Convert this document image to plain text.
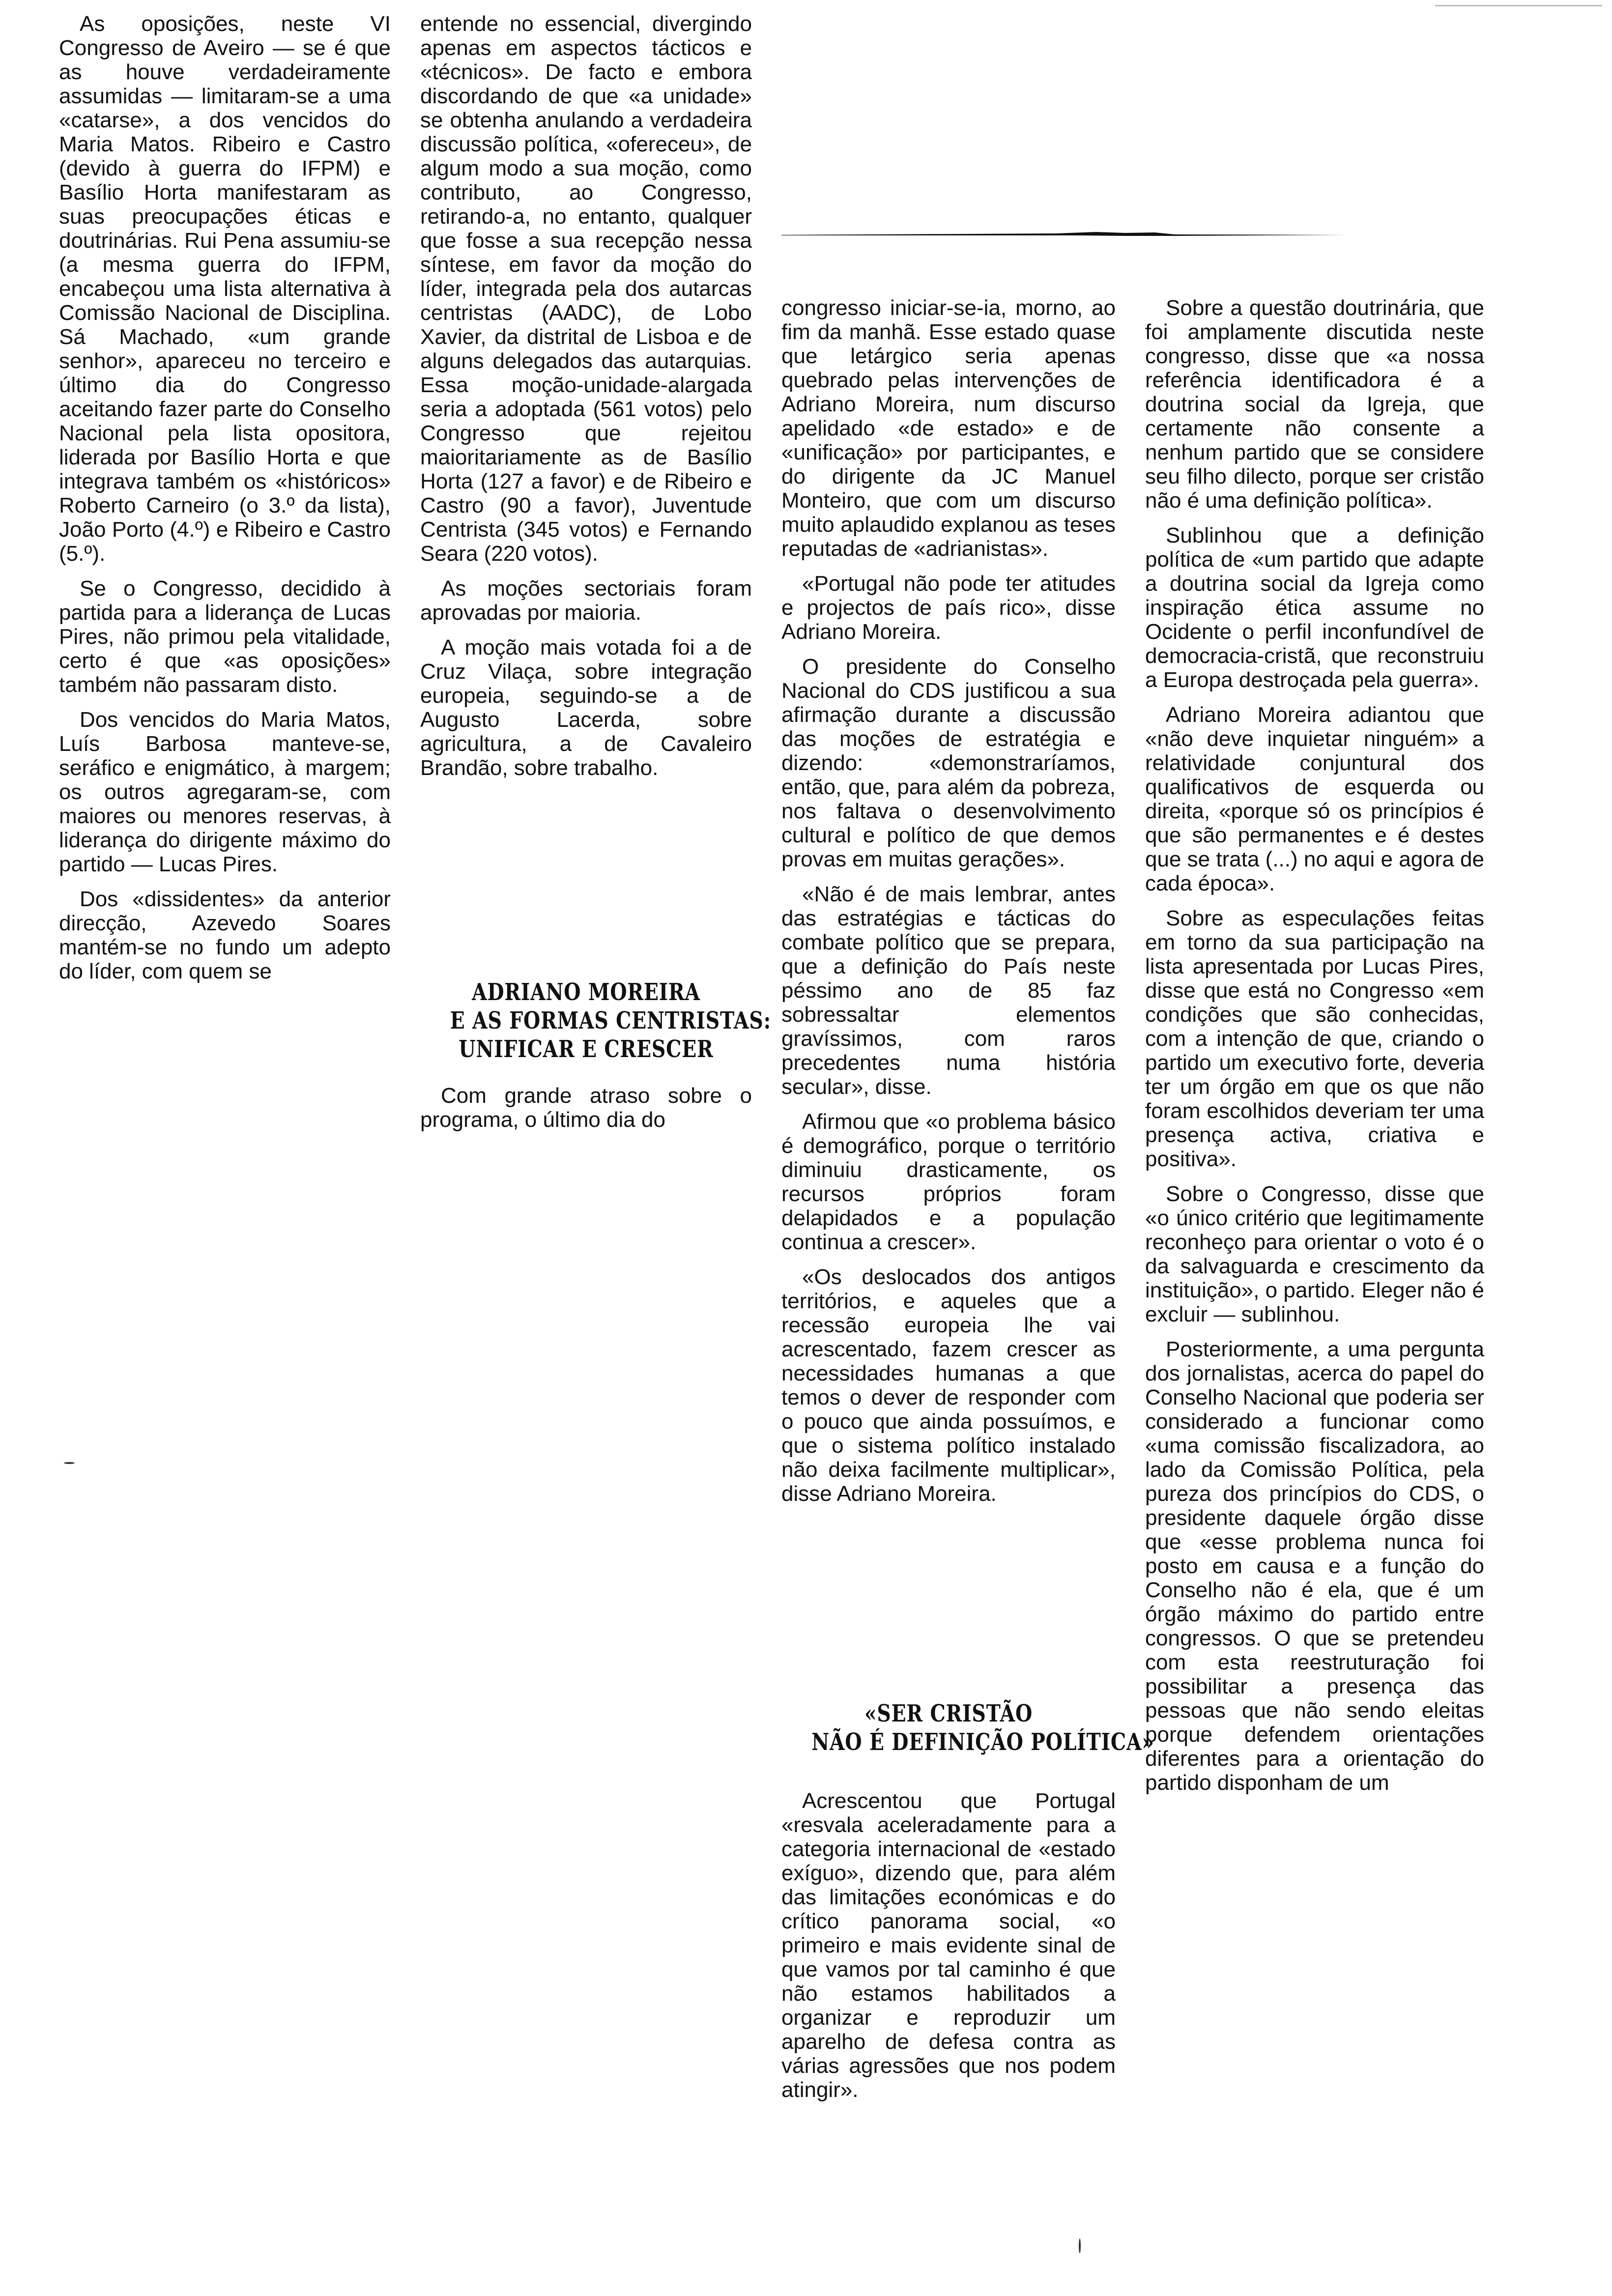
As oposições, neste VI Congresso de Aveiro — se é que as houve verdadeiramente assumidas — limitaram-se a uma «catarse», a dos vencidos do Maria Matos. Ribeiro e Castro (devido à guerra do IFPM) e Basílio Horta manifestaram as suas preocupações éticas e doutrinárias. Rui Pena assumiu-se (a mesma guerra do IFPM, encabeçou uma lista alternativa à Comissão Nacional de Disciplina. Sá Machado, «um grande senhor», apareceu no terceiro e último dia do Congresso aceitando fazer parte do Conselho Nacional pela lista opositora, liderada por Basílio Horta e que integrava também os «históricos» Roberto Carneiro (o 3.º da lista), João Porto (4.º) e Ribeiro e Castro (5.º).

Se o Congresso, decidido à partida para a liderança de Lucas Pires, não primou pela vitalidade, certo é que «as oposições» também não passaram disto.

Dos vencidos do Maria Matos, Luís Barbosa manteve-se, seráfico e enigmático, à margem; os outros agregaram-se, com maiores ou menores reservas, à liderança do dirigente máximo do partido — Lucas Pires.

Dos «dissidentes» da anterior direcção, Azevedo Soares mantém-se no fundo um adepto do líder, com quem se

entende no essencial, divergindo apenas em aspectos tácticos e «técnicos». De facto e embora discordando de que «a unidade» se obtenha anulando a verdadeira discussão política, «ofereceu», de algum modo a sua moção, como contributo, ao Congresso, retirando-a, no entanto, qualquer que fosse a sua recepção nessa síntese, em favor da moção do líder, integrada pela dos autarcas centristas (AADC), de Lobo Xavier, da distrital de Lisboa e de alguns delegados das autarquias. Essa moção-unidade-alargada seria a adoptada (561 votos) pelo Congresso que rejeitou maioritariamente as de Basílio Horta (127 a favor) e de Ribeiro e Castro (90 a favor), Juventude Centrista (345 votos) e Fernando Seara (220 votos).

As moções sectoriais foram aprovadas por maioria.

A moção mais votada foi a de Cruz Vilaça, sobre integração europeia, seguindo-se a de Augusto Lacerda, sobre agricultura, a de Cavaleiro Brandão, sobre trabalho.

ADRIANO MOREIRA
E AS FORMAS CENTRISTAS:
UNIFICAR E CRESCER

Com grande atraso sobre o programa, o último dia do

congresso iniciar-se-ia, morno, ao fim da manhã. Esse estado quase que letárgico seria apenas quebrado pelas intervenções de Adriano Moreira, num discurso apelidado «de estado» e de «unificação» por participantes, e do dirigente da JC Manuel Monteiro, que com um discurso muito aplaudido explanou as teses reputadas de «adrianistas».

«Portugal não pode ter atitudes e projectos de país rico», disse Adriano Moreira.

O presidente do Conselho Nacional do CDS justificou a sua afirmação durante a discussão das moções de estratégia e dizendo: «demonstraríamos, então, que, para além da pobreza, nos faltava o desenvolvimento cultural e político de que demos provas em muitas gerações».

«Não é de mais lembrar, antes das estratégias e tácticas do combate político que se prepara, que a definição do País neste péssimo ano de 85 faz sobressaltar elementos gravíssimos, com raros precedentes numa história secular», disse.

Afirmou que «o problema básico é demográfico, porque o território diminuiu drasticamente, os recursos próprios foram delapidados e a população continua a crescer».

«Os deslocados dos antigos territórios, e aqueles que a recessão europeia lhe vai acrescentado, fazem crescer as necessidades humanas a que temos o dever de responder com o pouco que ainda possuímos, e que o sistema político instalado não deixa facilmente multiplicar», disse Adriano Moreira.

«SER CRISTÃO
NÃO É DEFINIÇÃO POLÍTICA»

Acrescentou que Portugal «resvala aceleradamente para a categoria internacional de «estado exíguo», dizendo que, para além das limitações económicas e do crítico panorama social, «o primeiro e mais evidente sinal de que vamos por tal caminho é que não estamos habilitados a organizar e reproduzir um aparelho de defesa contra as várias agressões que nos podem atingir».

Sobre a questão doutrinária, que foi amplamente discutida neste congresso, disse que «a nossa referência identificadora é a doutrina social da Igreja, que certamente não consente a nenhum partido que se considere seu filho dilecto, porque ser cristão não é uma definição política».

Sublinhou que a definição política de «um partido que adapte a doutrina social da Igreja como inspiração ética assume no Ocidente o perfil inconfundível de democracia-cristã, que reconstruiu a Europa destroçada pela guerra».

Adriano Moreira adiantou que «não deve inquietar ninguém» a relatividade conjuntural dos qualificativos de esquerda ou direita, «porque só os princípios é que são permanentes e é destes que se trata (...) no aqui e agora de cada época».

Sobre as especulações feitas em torno da sua participação na lista apresentada por Lucas Pires, disse que está no Congresso «em condições que são conhecidas, com a intenção de que, criando o partido um executivo forte, deveria ter um órgão em que os que não foram escolhidos deveriam ter uma presença activa, criativa e positiva».

Sobre o Congresso, disse que «o único critério que legitimamente reconheço para orientar o voto é o da salvaguarda e crescimento da instituição», o partido. Eleger não é excluir — sublinhou.

Posteriormente, a uma pergunta dos jornalistas, acerca do papel do Conselho Nacional que poderia ser considerado a funcionar como «uma comissão fiscalizadora, ao lado da Comissão Política, pela pureza dos princípios do CDS, o presidente daquele órgão disse que «esse problema nunca foi posto em causa e a função do Conselho não é ela, que é um órgão máximo do partido entre congressos. O que se pretendeu com esta reestruturação foi possibilitar a presença das pessoas que não sendo eleitas porque defendem orientações diferentes para a orientação do partido disponham de um
